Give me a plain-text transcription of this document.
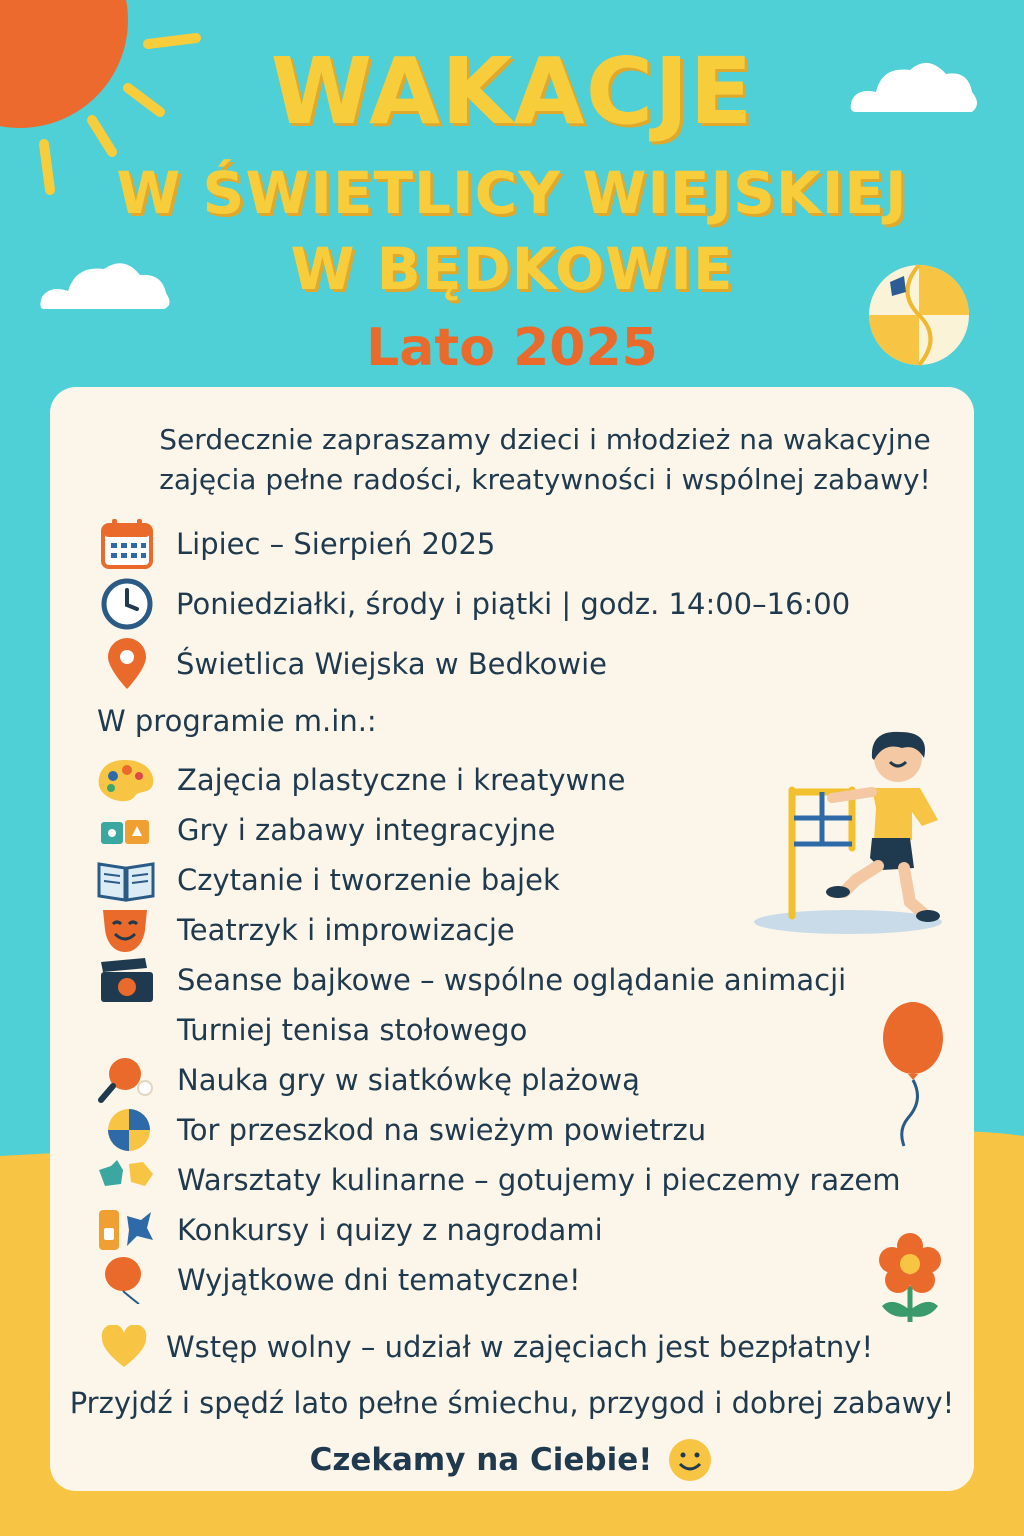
WAKACJE
W ŚWIETLICY WIEJSKIEJ
W BĘDKOWIE
Lato 2025
Serdecznie zapraszamy dzieci i młodzież na wakacyjne zajęcia pełne radości, kreatywności i wspólnej zabawy!
Lipiec – Sierpień 2025
Poniedziałki, środy i piątki | godz. 14:00–16:00
Świetlica Wiejska w Bedkowie
W programie m.in.:
Zajęcia plastyczne i kreatywne
Gry i zabawy integracyjne
Czytanie i tworzenie bajek
Teatrzyk i improwizacje
Seanse bajkowe – wspólne oglądanie animacji
Turniej tenisa stołowego
Nauka gry w siatkówkę plażową
Tor przeszkod na swieżym powietrzu
Warsztaty kulinarne – gotujemy i pieczemy razem
Konkursy i quizy z nagrodami
Wyjątkowe dni tematyczne!
Wstęp wolny – udział w zajęciach jest bezpłatny!
Przyjdź i spędź lato pełne śmiechu, przygod i dobrej zabawy!
Czekamy na Ciebie!
